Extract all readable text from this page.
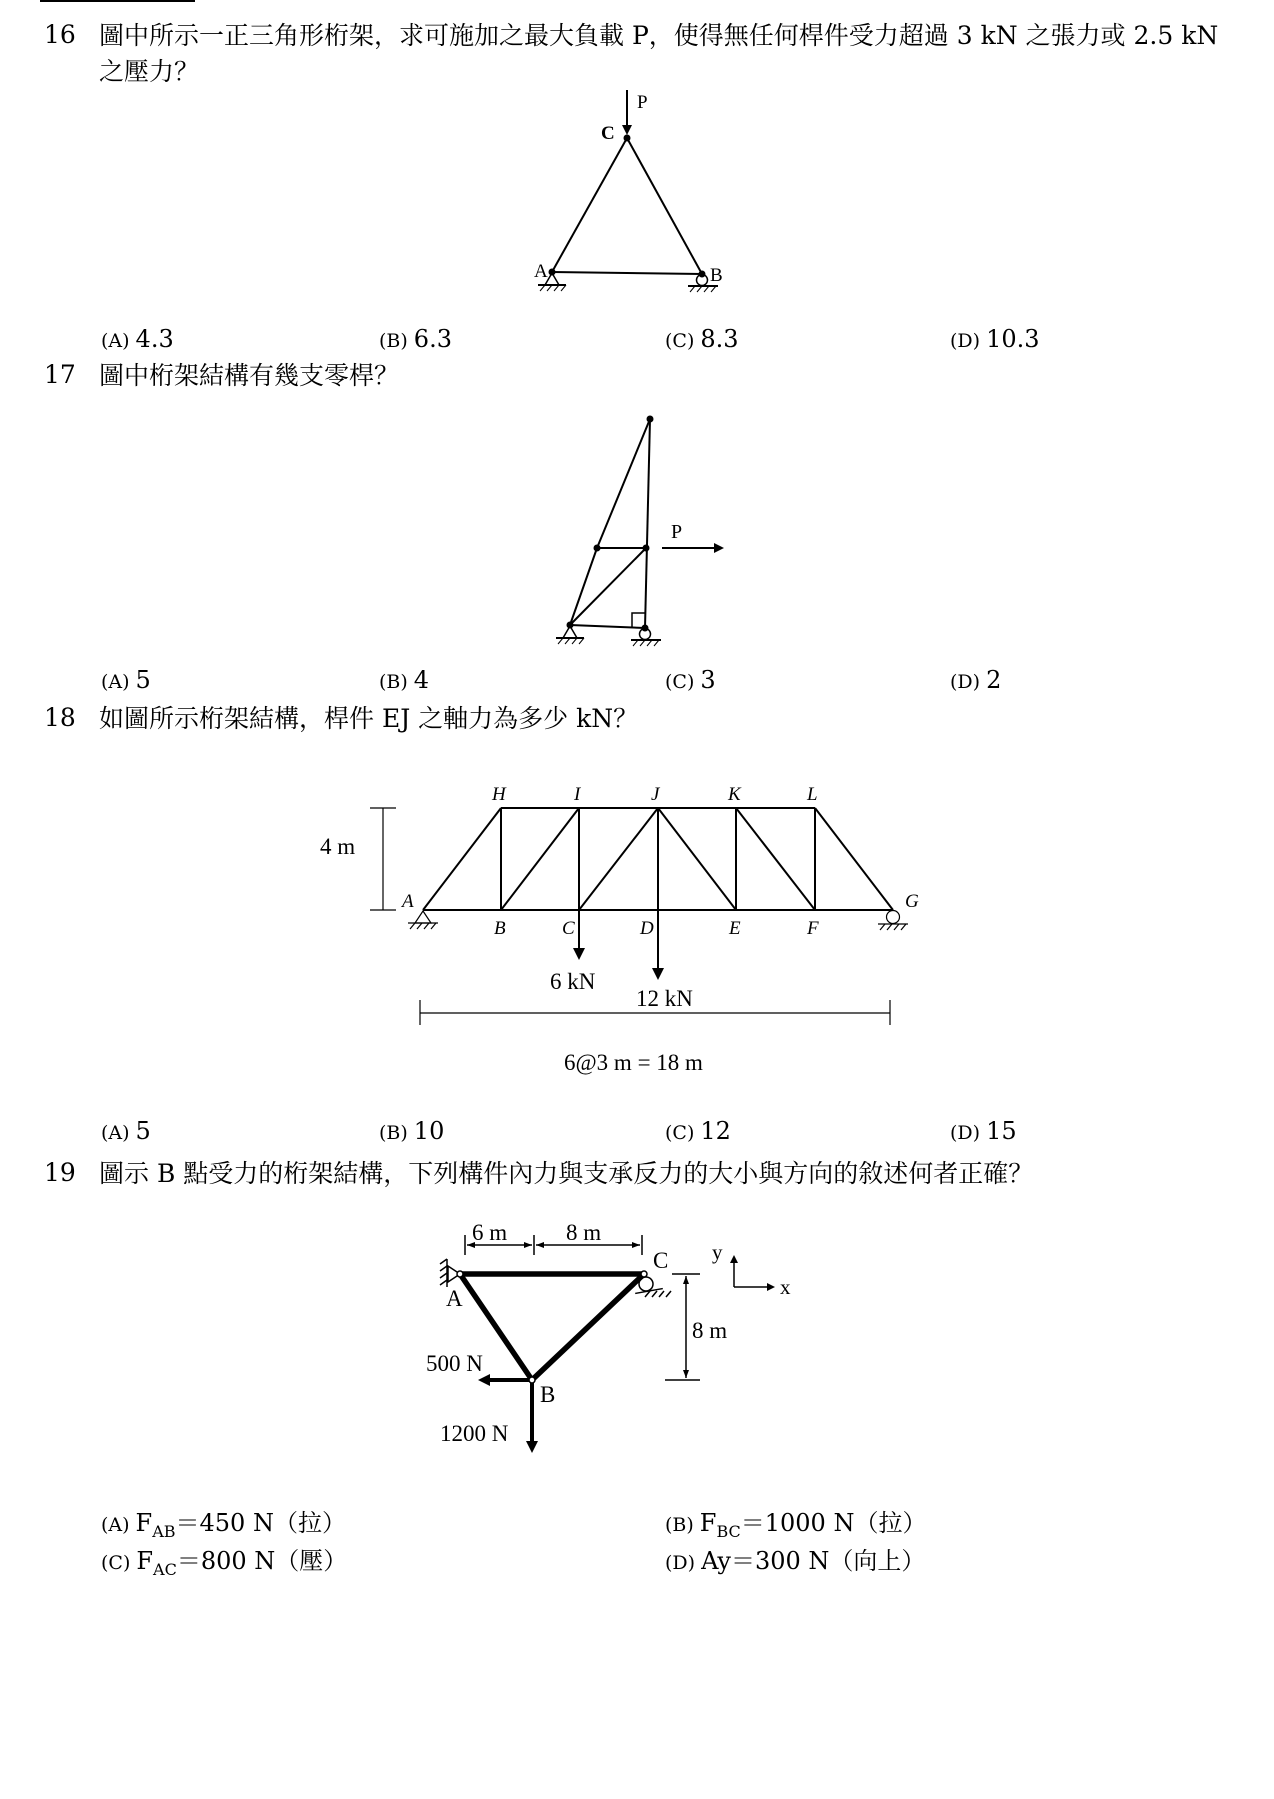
16 圖中所示一正三角形桁架，求可施加之最大負載 P，使得無任何桿件受力超過 3 kN 之張力或 2.5 kN 之壓力？
P
C
A	B
(A) 4.3	(B) 6.3	(C) 8.3	(D) 10.3
17 圖中桁架結構有幾支零桿？
P
(A) 5	(B) 4	(C) 3	(D) 2
18 如圖所示桁架結構，桿件 EJ 之軸力為多少 kN？
4 m
H	I	J	K	L
A
B	C	D	E	F
G
6 kN
12 kN
6@3 m = 18 m
(A) 5	(B) 10	(C) 12	(D) 15
19 圖示 B 點受力的桁架結構，下列構件內力與支承反力的大小與方向的敘述何者正確？
6 m	8 m
8 m
A
B
C y
x
500 N
1200 N
(A) $F_{AB}=450$ N（拉）	(B) $F_{BC}=1000$ N（拉）
(C) $F_{AC}=800$ N（壓）	(D) Ay＝300 N（向上）
